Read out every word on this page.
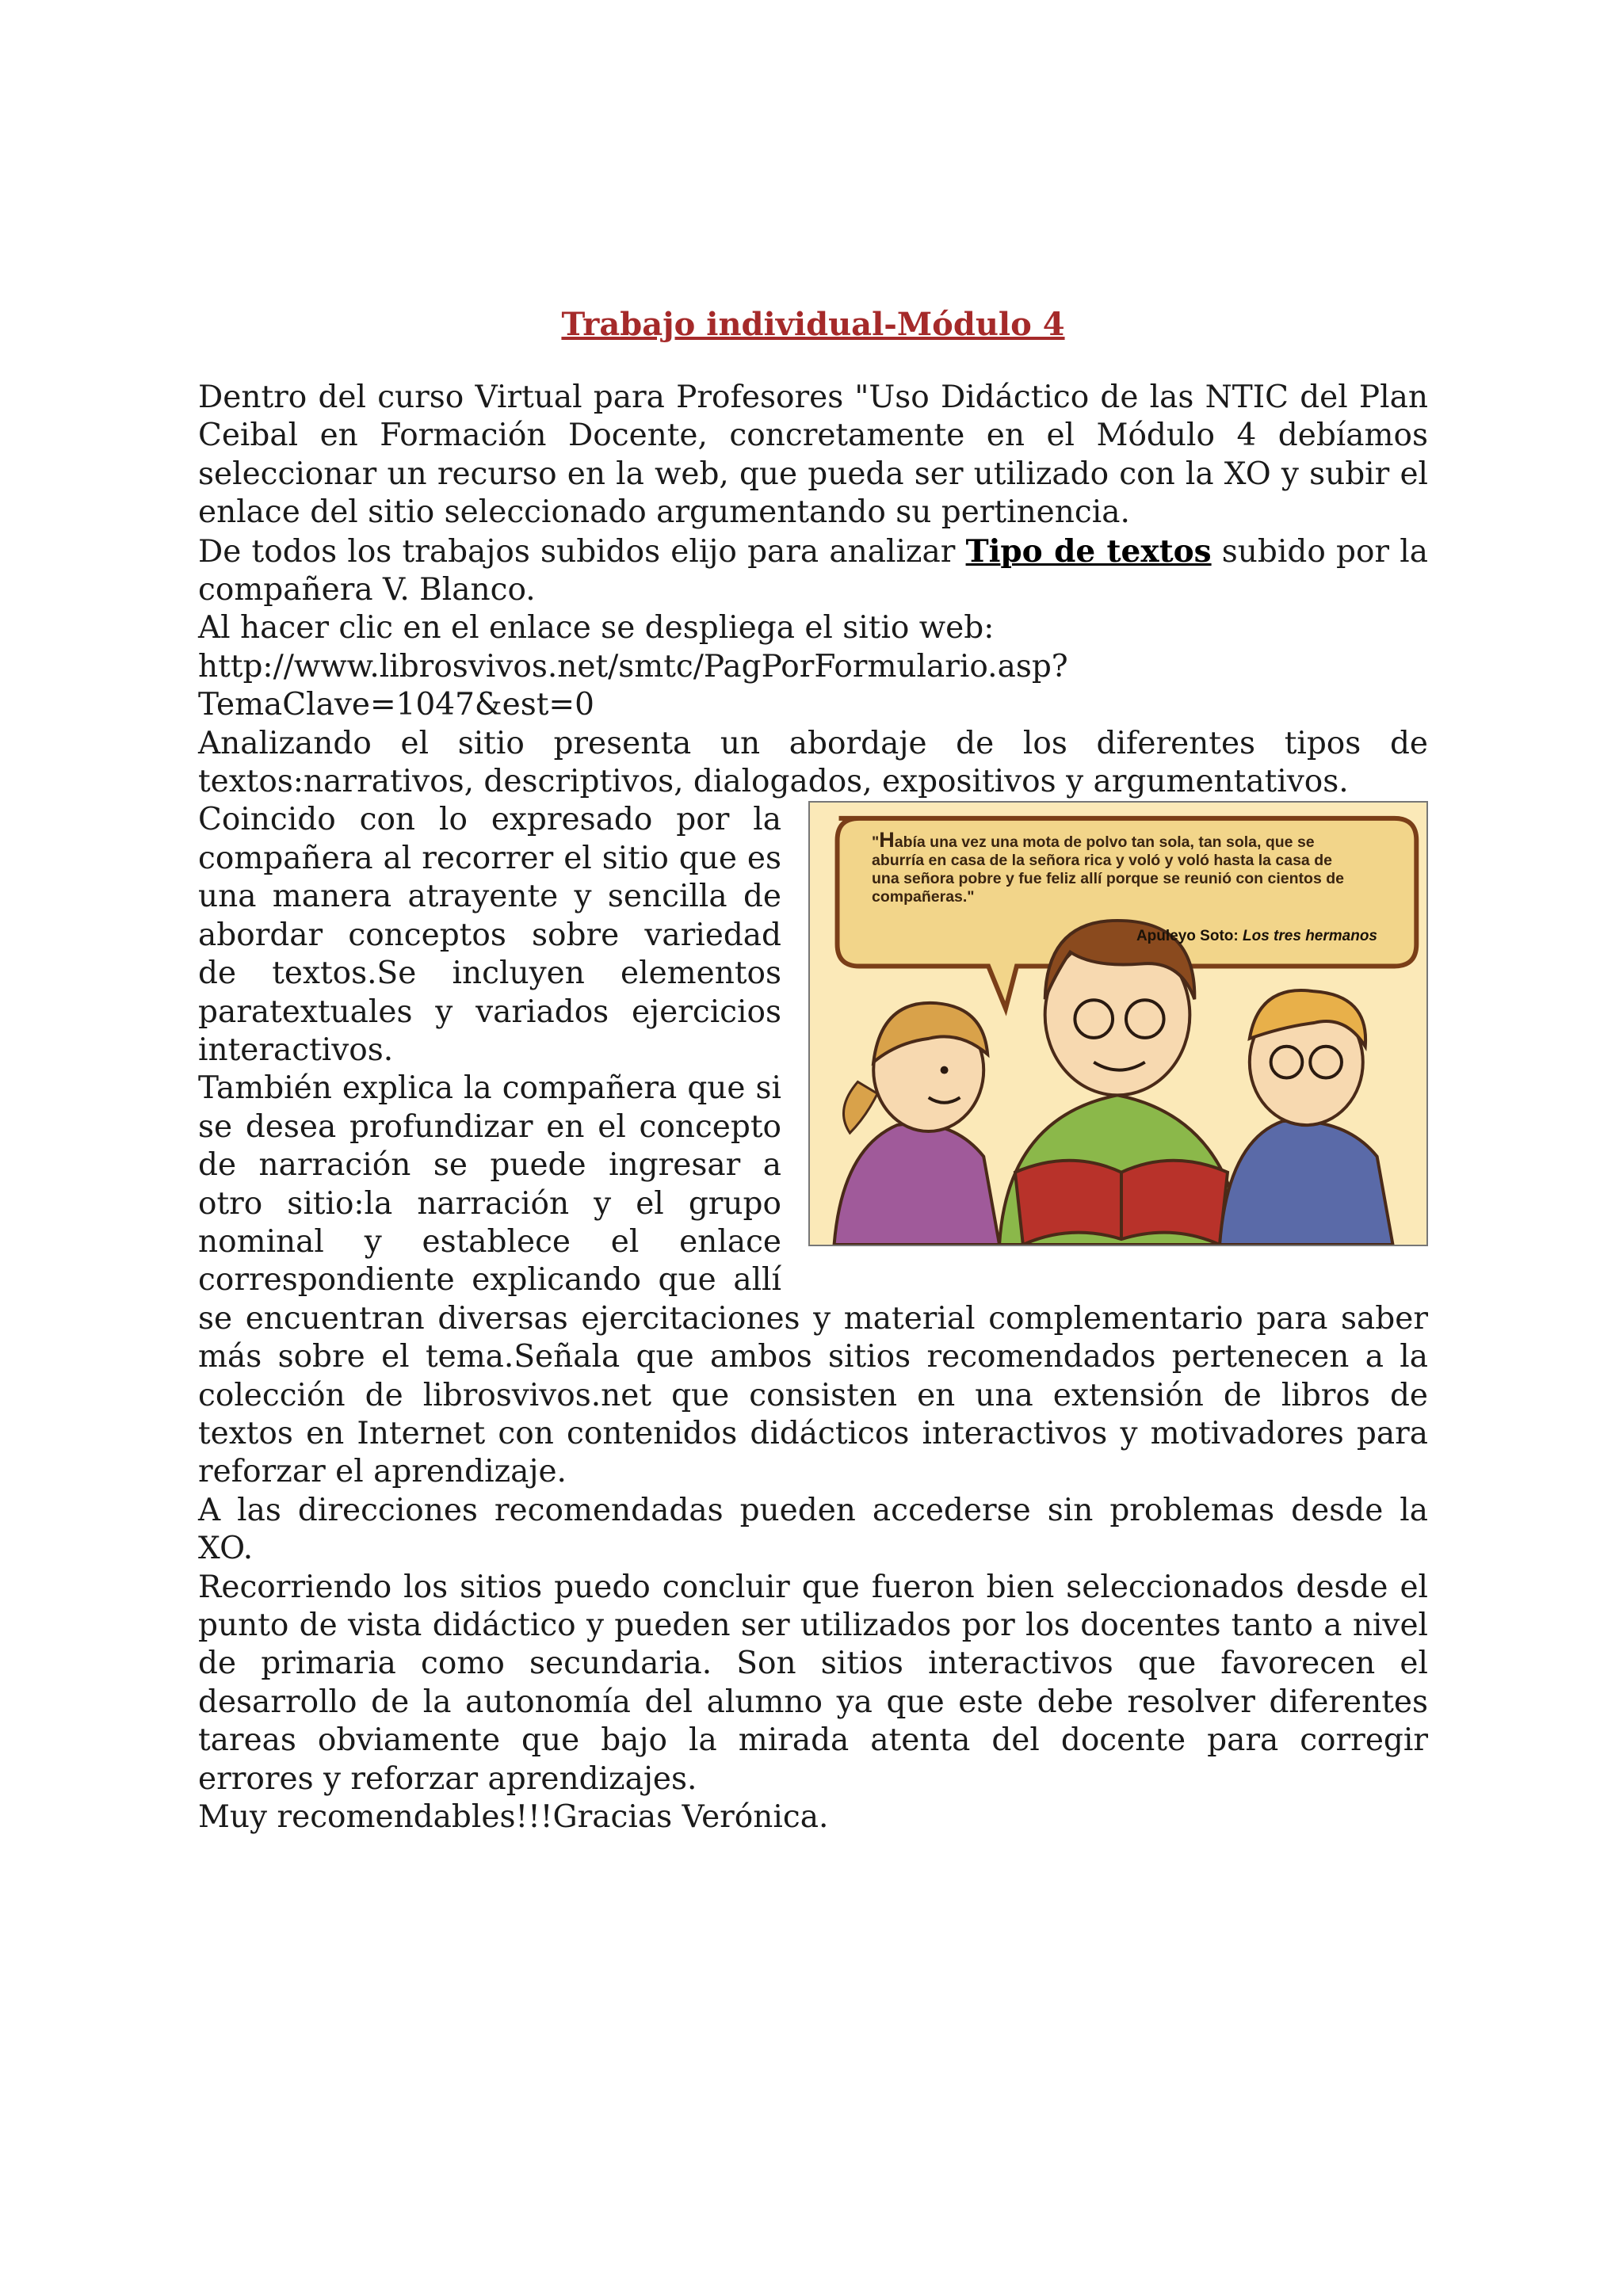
Trabajo individual-Módulo 4

Dentro del curso Virtual para Profesores "Uso Didáctico de las NTIC del Plan Ceibal en Formación Docente, concretamente en el Módulo 4 debíamos seleccionar un recurso en la web, que pueda ser utilizado con la XO y subir el enlace del sitio seleccionado argumentando su pertinencia.

De todos los trabajos subidos elijo para analizar Tipo de textos subido por la compañera V. Blanco.

Al hacer clic en el enlace se despliega el sitio web:

http://www.librosvivos.net/smtc/PagPorFormulario.asp?

TemaClave=1047&est=0

Analizando el sitio presenta un abordaje de los diferentes tipos de textos:narrativos, descriptivos, dialogados, expositivos y argumentativos.

"Había una vez una mota de polvo tan sola, tan sola, que se aburría en casa de la señora rica y voló y voló hasta la casa de una señora pobre y fue feliz allí porque se reunió con cientos de compañeras."
Apuleyo Soto: Los tres hermanos

Coincido con lo expresado por la compañera al recorrer el sitio que es una manera atrayente y sencilla de abordar conceptos sobre variedad de textos.Se incluyen elementos paratextuales y variados ejercicios interactivos.

También explica la compañera que si se desea profundizar en el concepto de narración se puede ingresar a otro sitio:la narración y el grupo nominal y establece el enlace correspondiente explicando que allí se encuentran diversas ejercitaciones y material complementario para saber más sobre el tema.Señala que ambos sitios recomendados pertenecen a la colección de librosvivos.net que consisten en una extensión de libros de textos en Internet con contenidos didácticos interactivos y motivadores para reforzar el aprendizaje.

A las direcciones recomendadas pueden accederse sin problemas desde la XO.

Recorriendo los sitios puedo concluir que fueron bien seleccionados desde el punto de vista didáctico y pueden ser utilizados por los docentes tanto a nivel de primaria como secundaria. Son sitios interactivos que favorecen el desarrollo de la autonomía del alumno ya que este debe resolver diferentes tareas obviamente que bajo la mirada atenta del docente para corregir errores y reforzar aprendizajes.

Muy recomendables!!!Gracias Verónica.
